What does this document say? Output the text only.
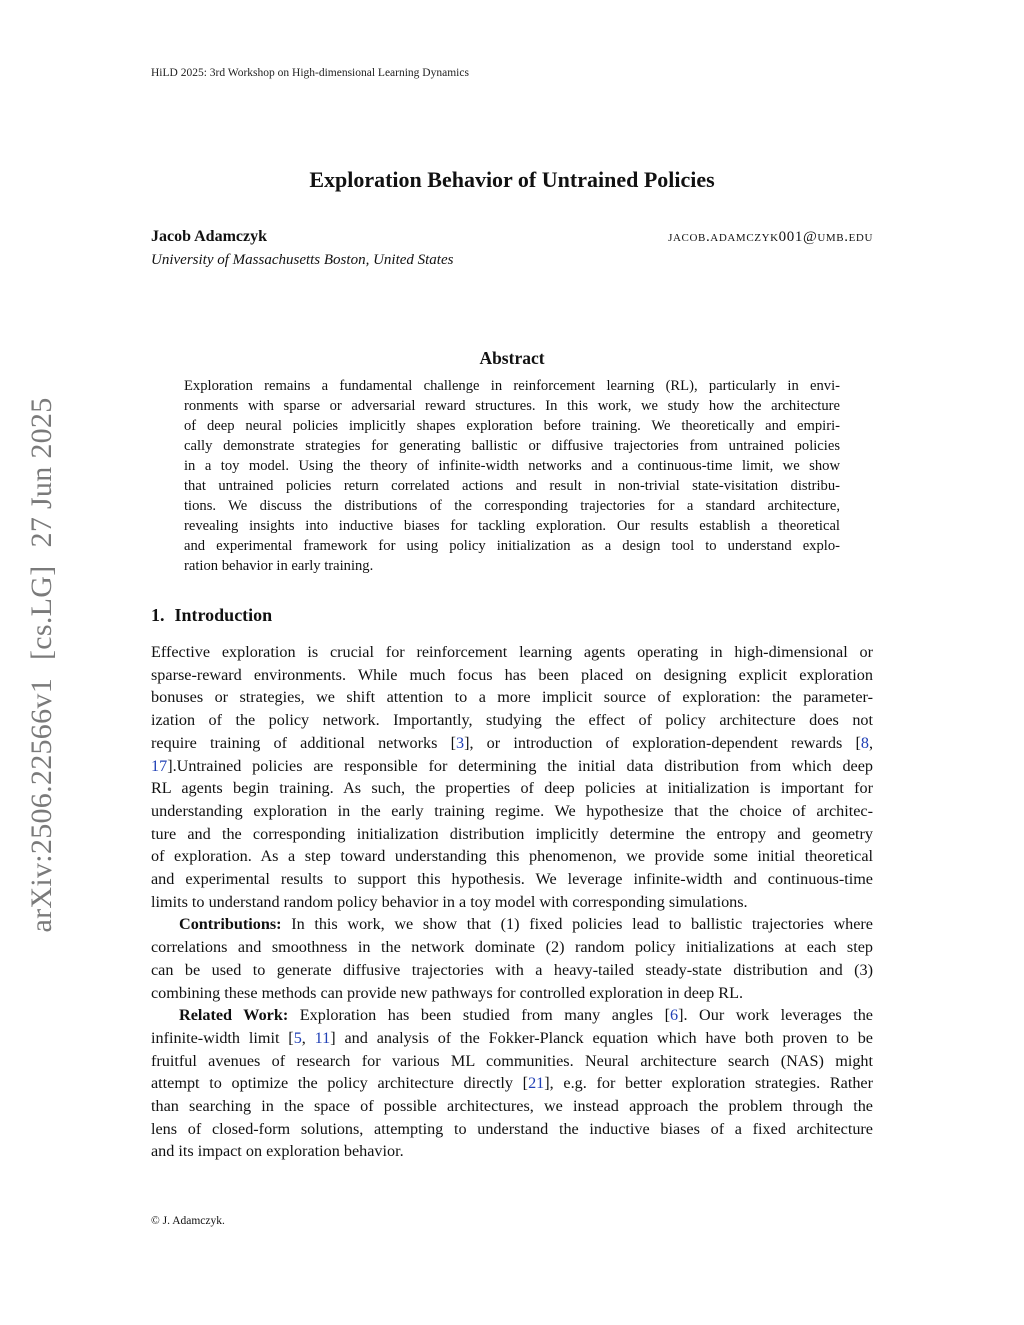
HiLD 2025: 3rd Workshop on High-dimensional Learning Dynamics
arXiv:2506.22566v1[cs.LG]27 Jun 2025
Exploration Behavior of Untrained Policies
Jacob Adamczyk	jacob.adamczyk001@umb.edu
University of Massachusetts Boston, United States
Abstract
Exploration remains a fundamental challenge in reinforcement learning (RL), particularly in envi-
ronments with sparse or adversarial reward structures. In this work, we study how the architecture
of deep neural policies implicitly shapes exploration before training. We theoretically and empiri-
cally demonstrate strategies for generating ballistic or diffusive trajectories from untrained policies
in a toy model. Using the theory of infinite-width networks and a continuous-time limit, we show
that untrained policies return correlated actions and result in non-trivial state-visitation distribu-
tions. We discuss the distributions of the corresponding trajectories for a standard architecture,
revealing insights into inductive biases for tackling exploration. Our results establish a theoretical
and experimental framework for using policy initialization as a design tool to understand explo-
ration behavior in early training.
1. Introduction
Effective exploration is crucial for reinforcement learning agents operating in high-dimensional or
sparse-reward environments. While much focus has been placed on designing explicit exploration
bonuses or strategies, we shift attention to a more implicit source of exploration: the parameter-
ization of the policy network. Importantly, studying the effect of policy architecture does not
require training of additional networks [3], or introduction of exploration-dependent rewards [8,
17].Untrained policies are responsible for determining the initial data distribution from which deep
RL agents begin training. As such, the properties of deep policies at initialization is important for
understanding exploration in the early training regime. We hypothesize that the choice of architec-
ture and the corresponding initialization distribution implicitly determine the entropy and geometry
of exploration. As a step toward understanding this phenomenon, we provide some initial theoretical
and experimental results to support this hypothesis. We leverage infinite-width and continuous-time
limits to understand random policy behavior in a toy model with corresponding simulations.
Contributions: In this work, we show that (1) fixed policies lead to ballistic trajectories where
correlations and smoothness in the network dominate (2) random policy initializations at each step
can be used to generate diffusive trajectories with a heavy-tailed steady-state distribution and (3)
combining these methods can provide new pathways for controlled exploration in deep RL.
Related Work: Exploration has been studied from many angles [6]. Our work leverages the
infinite-width limit [5, 11] and analysis of the Fokker-Planck equation which have both proven to be
fruitful avenues of research for various ML communities. Neural architecture search (NAS) might
attempt to optimize the policy architecture directly [21], e.g. for better exploration strategies. Rather
than searching in the space of possible architectures, we instead approach the problem through the
lens of closed-form solutions, attempting to understand the inductive biases of a fixed architecture
and its impact on exploration behavior.
© J. Adamczyk.
